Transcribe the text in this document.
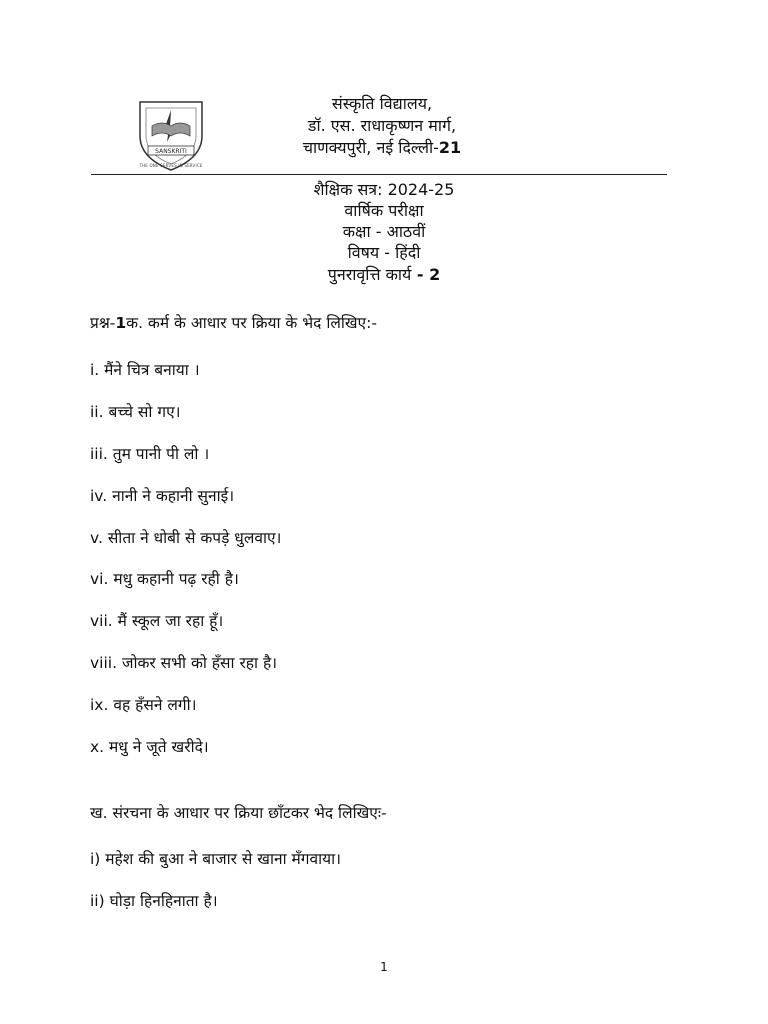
SANSKRITI
THE ONE SERVES IN SERVICE
संस्कृति विद्यालय,
डॉ. एस. राधाकृष्णन मार्ग,
चाणक्यपुरी, नई दिल्ली-21
शैक्षिक सत्र: 2024-25
वार्षिक परीक्षा
कक्षा - आठवीं
विषय - हिंदी
पुनरावृत्ति कार्य - 2
प्रश्न-1क. कर्म के आधार पर क्रिया के भेद लिखिए:-
i. मैंने चित्र बनाया ।
ii. बच्चे सो गए।
iii. तुम पानी पी लो ।
iv. नानी ने कहानी सुनाई।
v. सीता ने धोबी से कपड़े धुलवाए।
vi. मधु कहानी पढ़ रही है।
vii. मैं स्कूल जा रहा हूँ।
viii. जोकर सभी को हँसा रहा है।
ix. वह हँसने लगी।
x. मधु ने जूते खरीदे।
ख. संरचना के आधार पर क्रिया छाँटकर भेद लिखिएः-
i) महेश की बुआ ने बाजार से खाना मँगवाया।
ii) घोड़ा हिनहिनाता है।
1
